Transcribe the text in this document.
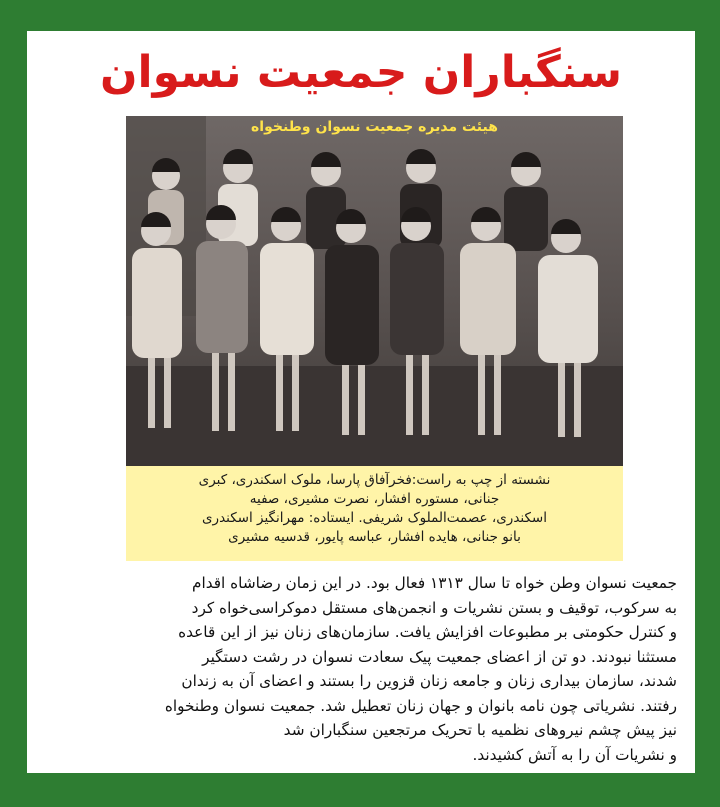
سنگباران جمعیت نسوان
هیئت مدیره جمعیت نسوان وطنخواه
نشسته از چپ به راست:فخرآفاق پارسا، ملوک اسکندری، کبری
جنانی، مستوره افشار، نصرت مشیری، صفیه
اسکندری، عصمت‌الملوک شریفی. ایستاده: مهرانگیز اسکندری
بانو جنانی، هایده افشار، عباسه پایور، قدسیه مشیری
جمعیت نسوان وطن خواه تا سال ۱۳۱۳ فعال بود. در این زمان رضاشاه اقدام
به سرکوب، توقیف و بستن نشریات و انجمن‌های مستقل دموکراسی‌خواه کرد
و کنترل حکومتی بر مطبوعات افزایش یافت. سازمان‌های زنان نیز از این قاعده
مستثنا نبودند. دو تن از اعضای جمعیت پیک سعادت نسوان در رشت دستگیر
شدند، سازمان بیداری زنان و جامعه زنان قزوین را بستند و اعضای آن به زندان
رفتند. نشریاتی چون نامه بانوان و جهان زنان تعطیل شد. جمعیت نسوان وطنخواه
نیز پیش چشم نیروهای نظمیه با تحریک مرتجعین سنگباران شد
و نشریات آن را به آتش کشیدند.
